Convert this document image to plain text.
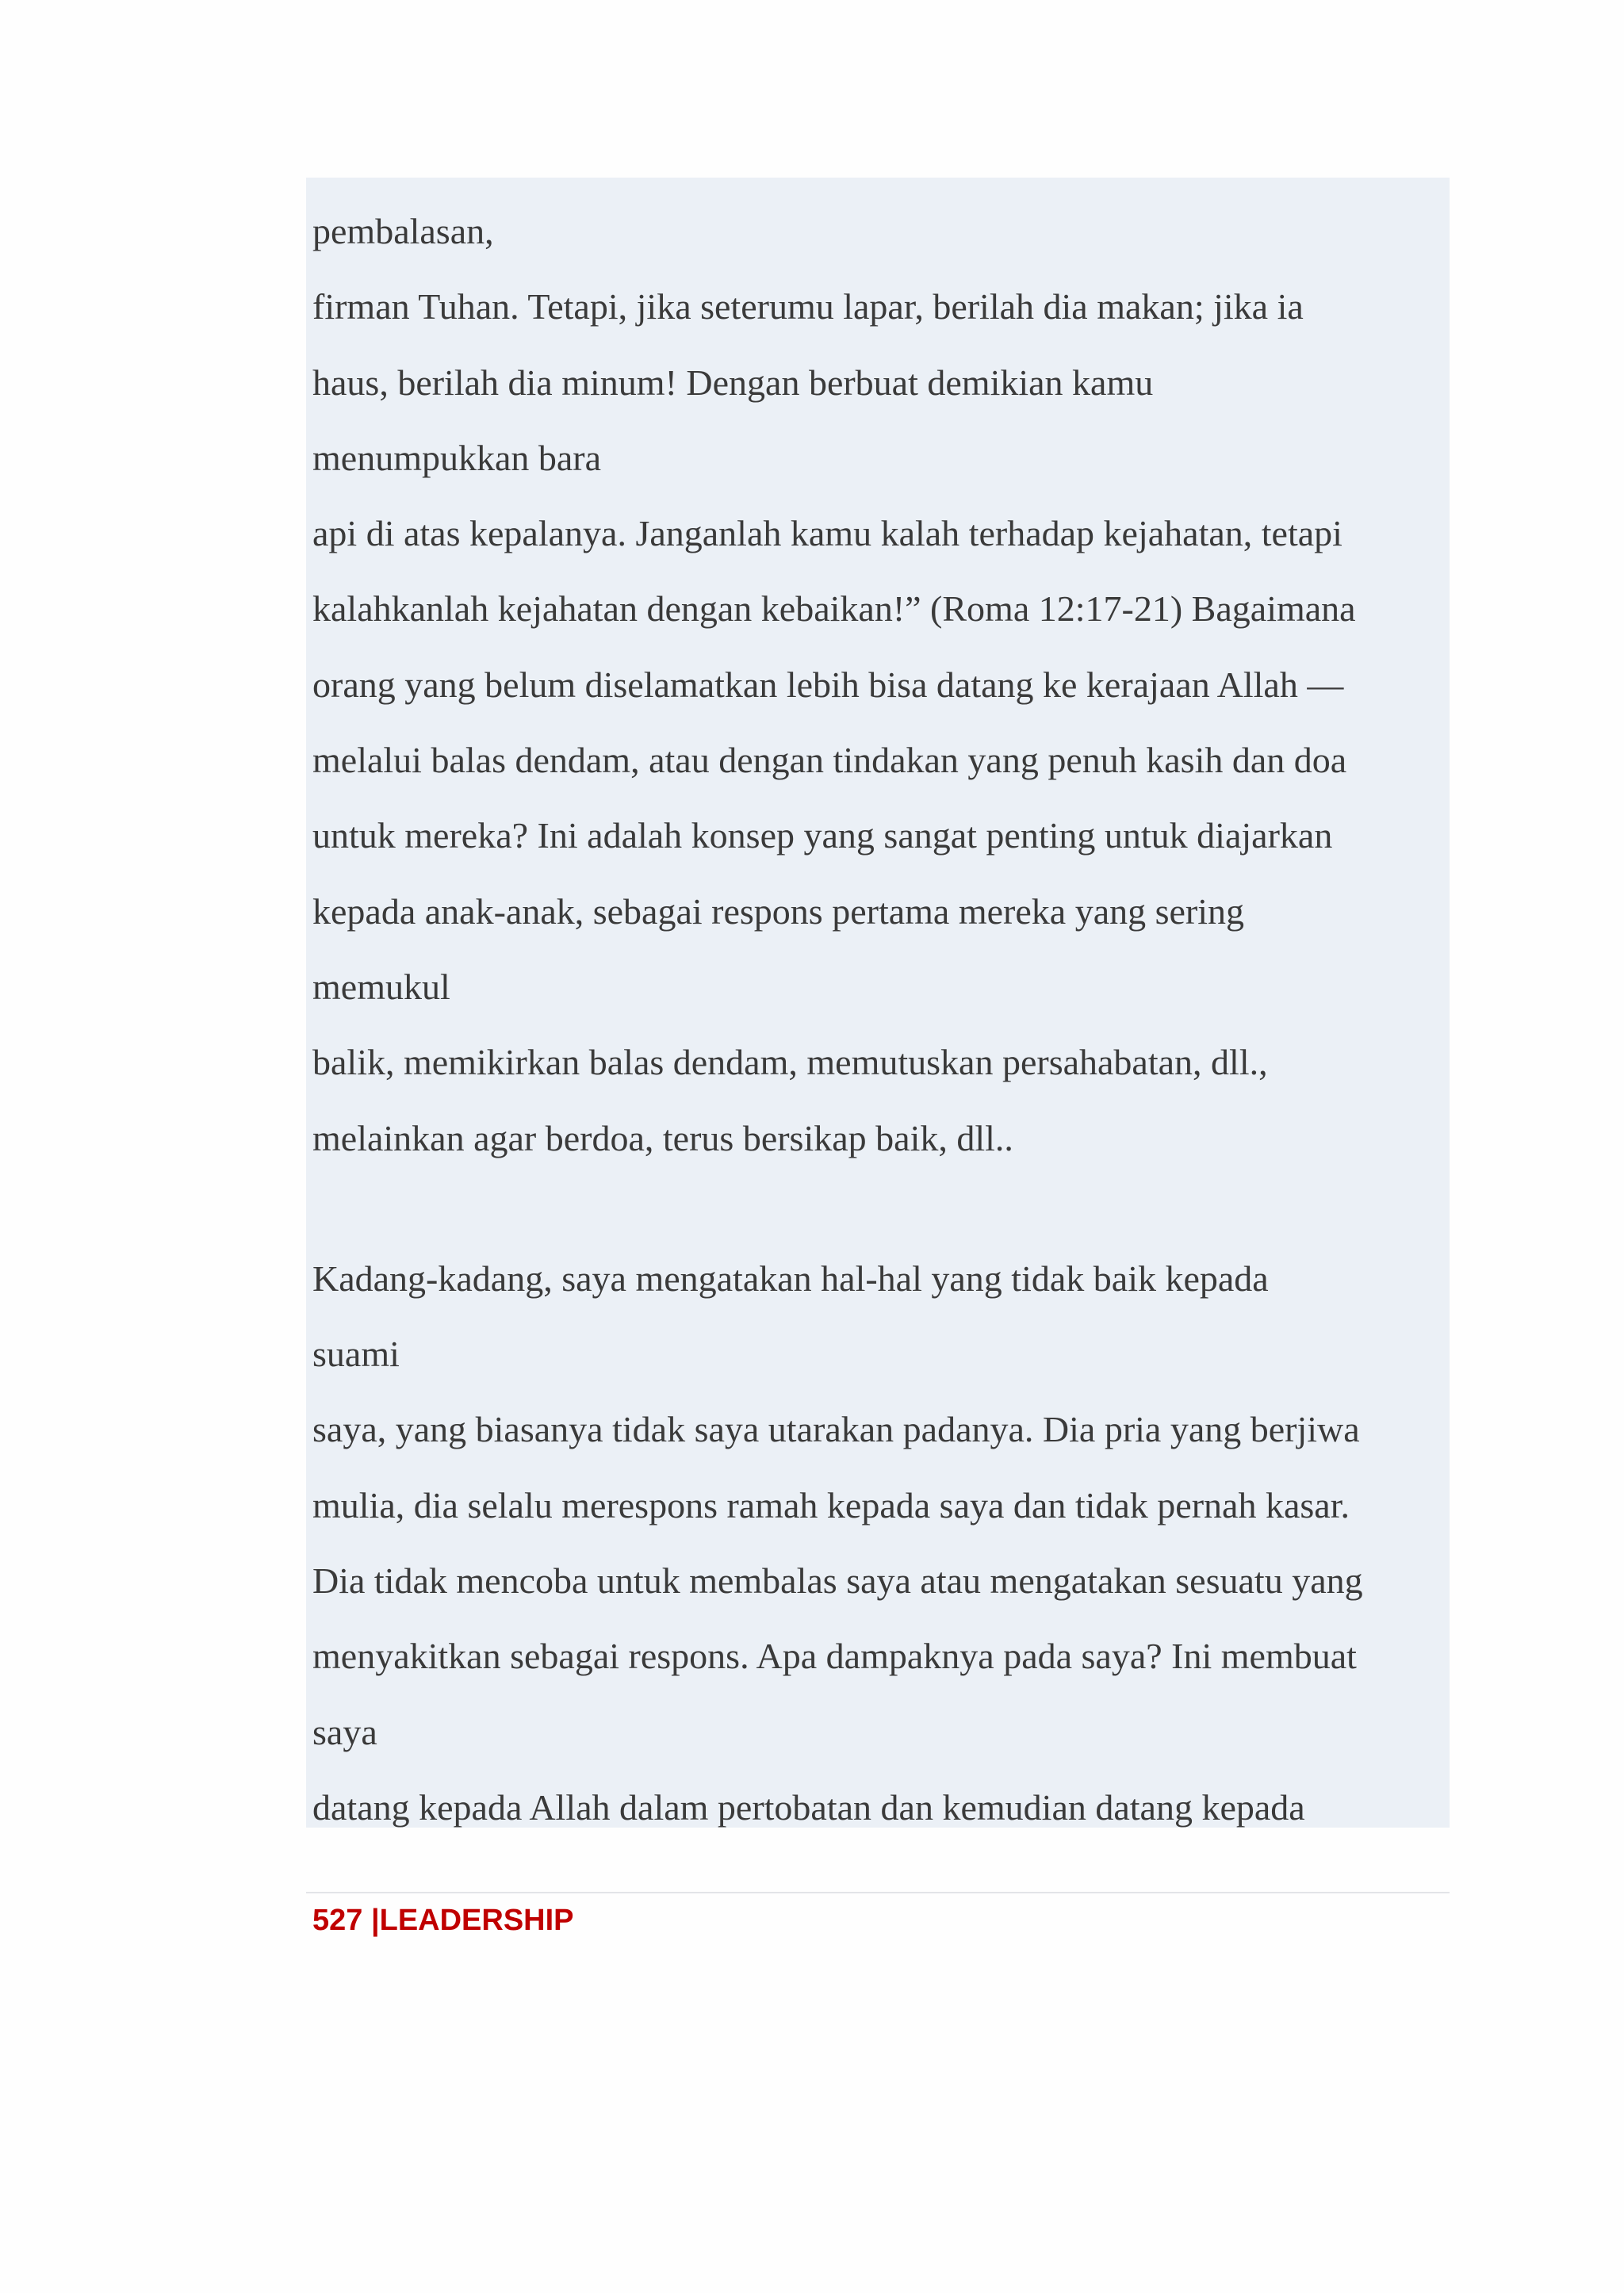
pembalasan,
firman Tuhan. Tetapi, jika seterumu lapar, berilah dia makan; jika ia
haus, berilah dia minum! Dengan berbuat demikian kamu
menumpukkan bara
api di atas kepalanya. Janganlah kamu kalah terhadap kejahatan, tetapi
kalahkanlah kejahatan dengan kebaikan!” (Roma 12:17-21) Bagaimana
orang yang belum diselamatkan lebih bisa datang ke kerajaan Allah —
melalui balas dendam, atau dengan tindakan yang penuh kasih dan doa
untuk mereka? Ini adalah konsep yang sangat penting untuk diajarkan
kepada anak-anak, sebagai respons pertama mereka yang sering
memukul
balik, memikirkan balas dendam, memutuskan persahabatan, dll.,
melainkan agar berdoa, terus bersikap baik, dll..
Kadang-kadang, saya mengatakan hal-hal yang tidak baik kepada
suami
saya, yang biasanya tidak saya utarakan padanya. Dia pria yang berjiwa
mulia, dia selalu merespons ramah kepada saya dan tidak pernah kasar.
Dia tidak mencoba untuk membalas saya atau mengatakan sesuatu yang
menyakitkan sebagai respons. Apa dampaknya pada saya? Ini membuat
saya
datang kepada Allah dalam pertobatan dan kemudian datang kepada
527 |LEADERSHIP
